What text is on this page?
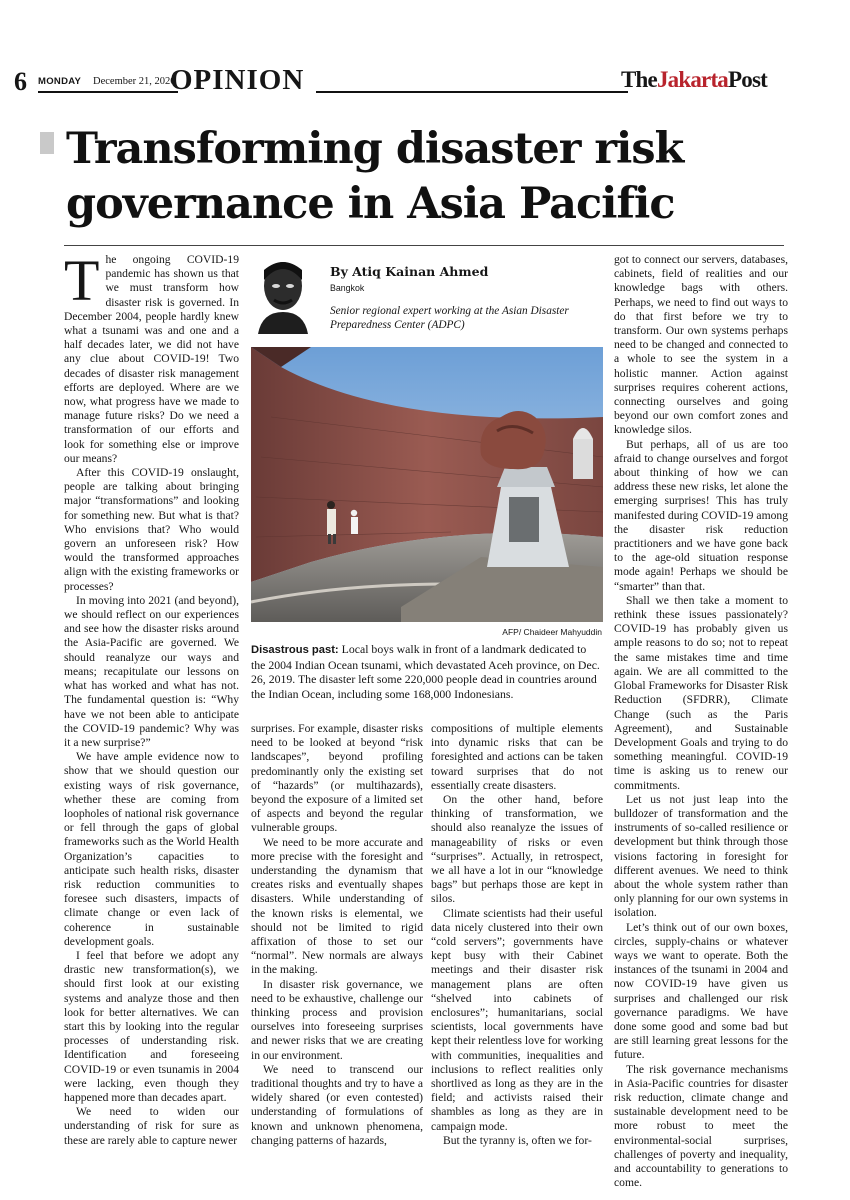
6 MONDAY December 21, 2020
OPINION	TheJakartaPost
Transforming disaster risk
governance in Asia Pacific

The ongoing COVID-19 pandemic has shown us that we must transform how disaster risk is governed. In December 2004, people hardly knew what a tsunami was and one and a half decades later, we did not have any clue about COVID-19! Two decades of disaster risk management efforts are deployed. Where are we now, what progress have we made to manage future risks? Do we need a transformation of our efforts and look for something else or improve our means?

After this COVID-19 onslaught, people are talking about bringing major “transformations” and looking for something new. But what is that? Who envisions that? Who would govern an unforeseen risk? How would the transformed approaches align with the existing frameworks or processes?

In moving into 2021 (and beyond), we should reflect on our experiences and see how the disaster risks around the Asia-Pacific are governed. We should reanalyze our ways and means; recapitulate our lessons on what has worked and what has not. The fundamental question is: “Why have we not been able to anticipate the COVID-19 pandemic? Why was it a new surprise?”

We have ample evidence now to show that we should question our existing ways of risk governance, whether these are coming from loopholes of national risk governance or fell through the gaps of global frameworks such as the World Health Organization’s capacities to anticipate such health risks, disaster risk reduction communities to foresee such disasters, impacts of climate change or even lack of coherence in sustainable development goals.

I feel that before we adopt any drastic new transformation(s), we should first look at our existing systems and analyze those and then look for better alternatives. We can start this by looking into the regular processes of understanding risk. Identification and foreseeing COVID-19 or even tsunamis in 2004 were lacking, even though they happened more than decades apart.

We need to widen our understanding of risk for sure as these are rarely able to capture newer

By Atiq Kainan Ahmed
Bangkok
Senior regional expert working at the Asian Disaster Preparedness Center (ADPC)
AFP/ Chaideer Mahyuddin
Disastrous past: Local boys walk in front of a landmark dedicated to the 2004 Indian Ocean tsunami, which devastated Aceh province, on Dec. 26, 2019. The disaster left some 220,000 people dead in countries around the Indian Ocean, including some 168,000 Indonesians.

surprises. For example, disaster risks need to be looked at beyond “risk landscapes”, beyond profiling predominantly only the existing set of “hazards” (or multihazards), beyond the exposure of a limited set of aspects and beyond the regular vulnerable groups.

We need to be more accurate and more precise with the foresight and understanding the dynamism that creates risks and eventually shapes disasters. While understanding of the known risks is elemental, we should not be limited to rigid affixation of those to set our “normal”. New normals are always in the making.

In disaster risk governance, we need to be exhaustive, challenge our thinking process and provision ourselves into foreseeing surprises and newer risks that we are creating in our environment.

We need to transcend our traditional thoughts and try to have a widely shared (or even contested) understanding of formulations of known and unknown phenomena, changing patterns of hazards,

compositions of multiple elements into dynamic risks that can be foresighted and actions can be taken toward surprises that do not essentially create disasters.

On the other hand, before thinking of transformation, we should also reanalyze the issues of manageability of risks or even “surprises”. Actually, in retrospect, we all have a lot in our “knowledge bags” but perhaps those are kept in silos.

Climate scientists had their useful data nicely clustered into their own “cold servers”; governments have kept busy with their Cabinet meetings and their disaster risk management plans are often “shelved into cabinets of enclosures”; humanitarians, social scientists, local governments have kept their relentless love for working with communities, inequalities and inclusions to reflect realities only shortlived as long as they are in the field; and activists raised their shambles as long as they are in campaign mode.

But the tyranny is, often we for-

got to connect our servers, databases, cabinets, field of realities and our knowledge bags with others. Perhaps, we need to find out ways to do that first before we try to transform. Our own systems perhaps need to be changed and connected to a whole to see the system in a holistic manner. Action against surprises requires coherent actions, connecting ourselves and going beyond our own comfort zones and knowledge silos.

But perhaps, all of us are too afraid to change ourselves and forgot about thinking of how we can address these new risks, let alone the emerging surprises! This has truly manifested during COVID-19 among the disaster risk reduction practitioners and we have gone back to the age-old situation response mode again! Perhaps we should be “smarter” than that.

Shall we then take a moment to rethink these issues passionately? COVID-19 has probably given us ample reasons to do so; not to repeat the same mistakes time and time again. We are all committed to the Global Frameworks for Disaster Risk Reduction (SFDRR), Climate Change (such as the Paris Agreement), and Sustainable Development Goals and trying to do something meaningful. COVID-19 time is asking us to renew our commitments.

Let us not just leap into the bulldozer of transformation and the instruments of so-called resilience or development but think through those visions factoring in foresight for different avenues. We need to think about the whole system rather than only planning for our own systems in isolation.

Let’s think out of our own boxes, circles, supply-chains or whatever ways we want to operate. Both the instances of the tsunami in 2004 and now COVID-19 have given us surprises and challenged our risk governance paradigms. We have done some good and some bad but are still learning great lessons for the future.

The risk governance mechanisms in Asia-Pacific countries for disaster risk reduction, climate change and sustainable development need to be more robust to meet the environmental-social surprises, challenges of poverty and inequality, and accountability to generations to come.
